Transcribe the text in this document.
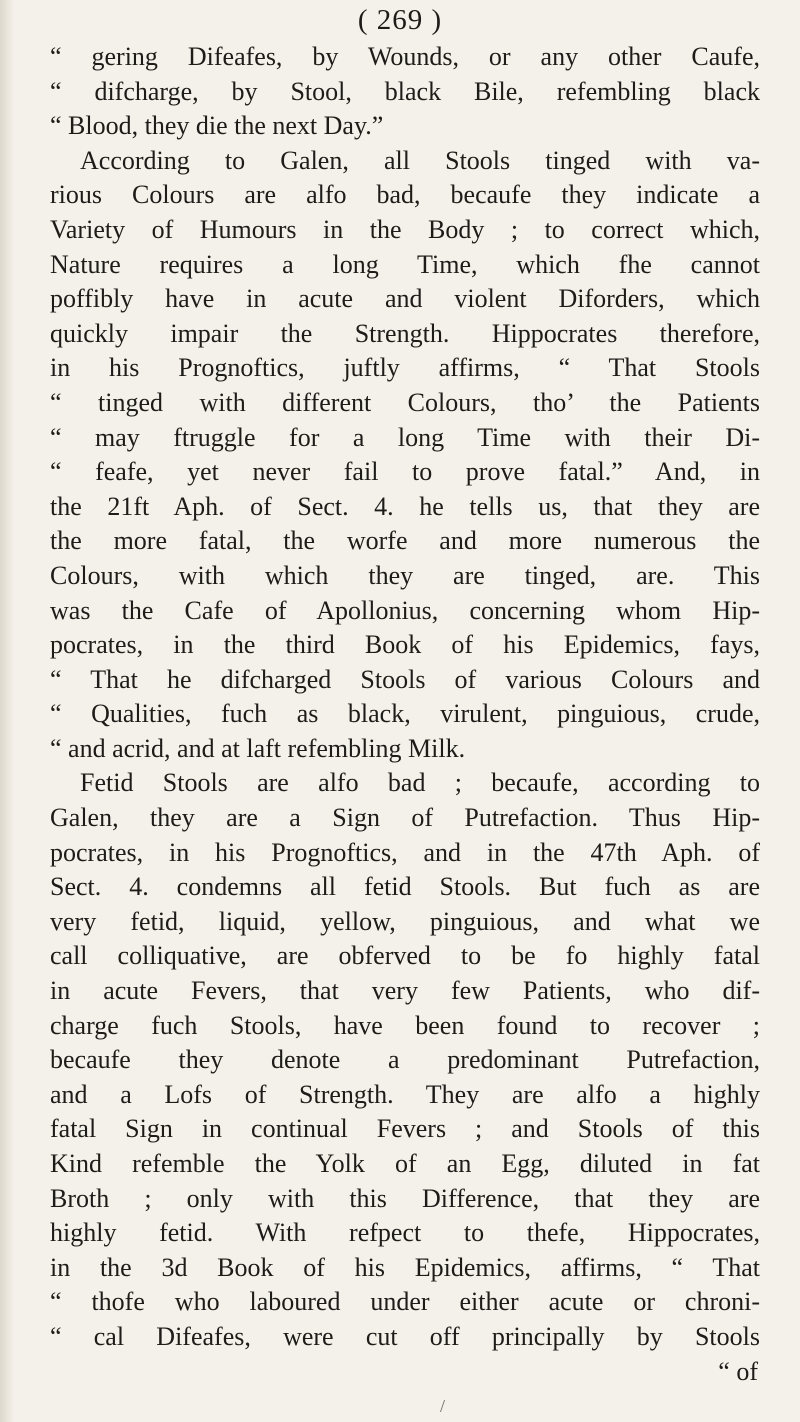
( 269 )
“ gering Difeafes, by Wounds, or any other Caufe,
“ difcharge, by Stool, black Bile, refembling black
“ Blood, they die the next Day.”
According to Galen, all Stools tinged with va-
rious Colours are alfo bad, becaufe they indicate a
Variety of Humours in the Body ; to correct which,
Nature requires a long Time, which fhe cannot
poffibly have in acute and violent Diforders, which
quickly impair the Strength. Hippocrates therefore,
in his Prognoftics, juftly affirms, “ That Stools
“ tinged with different Colours, tho’ the Patients
“ may ftruggle for a long Time with their Di-
“ feafe, yet never fail to prove fatal.” And, in
the 21ft Aph. of Sect. 4. he tells us, that they are
the more fatal, the worfe and more numerous the
Colours, with which they are tinged, are. This
was the Cafe of Apollonius, concerning whom Hip-
pocrates, in the third Book of his Epidemics, fays,
“ That he difcharged Stools of various Colours and
“ Qualities, fuch as black, virulent, pinguious, crude,
“ and acrid, and at laft refembling Milk.
Fetid Stools are alfo bad ; becaufe, according to
Galen, they are a Sign of Putrefaction. Thus Hip-
pocrates, in his Prognoftics, and in the 47th Aph. of
Sect. 4. condemns all fetid Stools. But fuch as are
very fetid, liquid, yellow, pinguious, and what we
call colliquative, are obferved to be fo highly fatal
in acute Fevers, that very few Patients, who dif-
charge fuch Stools, have been found to recover ;
becaufe they denote a predominant Putrefaction,
and a Lofs of Strength. They are alfo a highly
fatal Sign in continual Fevers ; and Stools of this
Kind refemble the Yolk of an Egg, diluted in fat
Broth ; only with this Difference, that they are
highly fetid. With refpect to thefe, Hippocrates,
in the 3d Book of his Epidemics, affirms, “ That
“ thofe who laboured under either acute or chroni-
“ cal Difeafes, were cut off principally by Stools
“ of
/
